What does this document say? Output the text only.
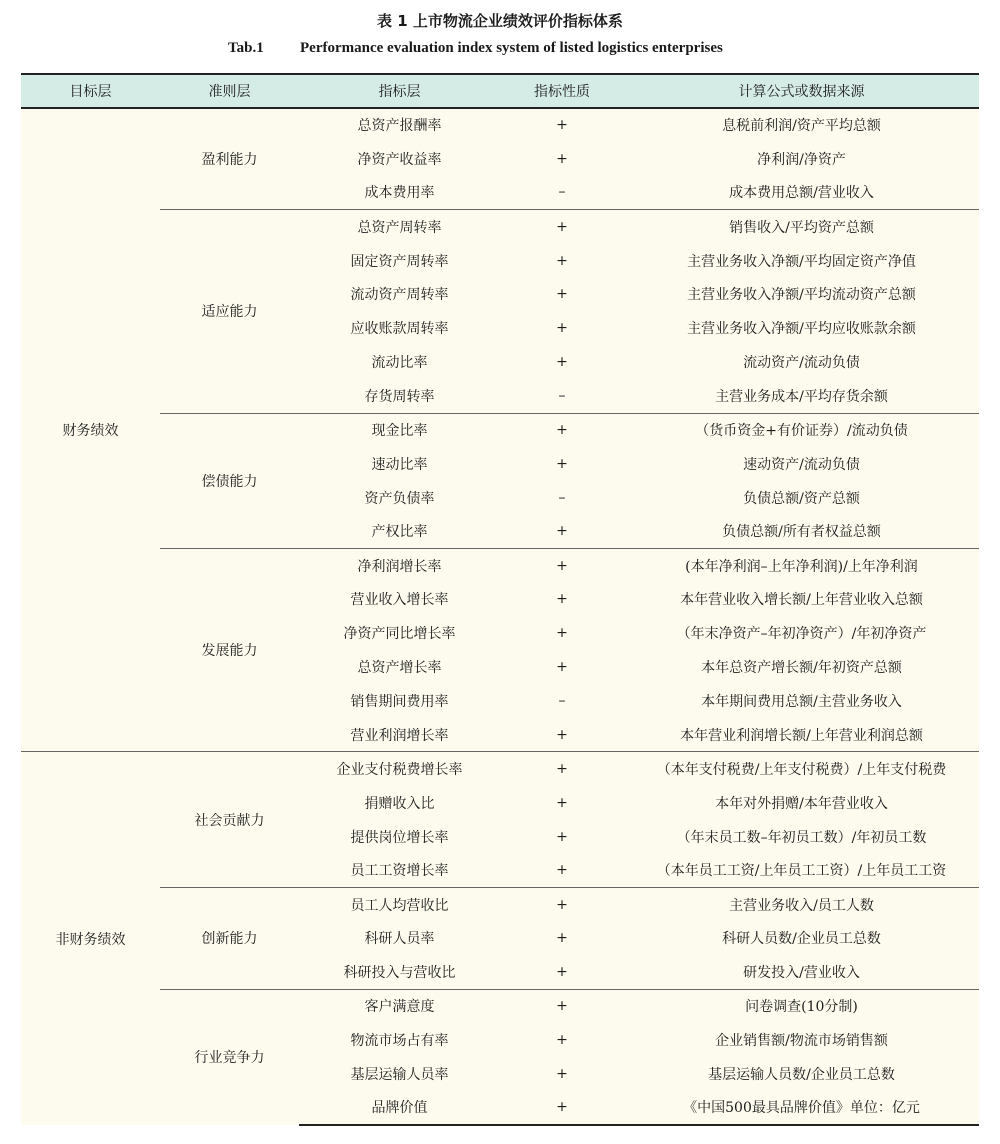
表 1 上市物流企业绩效评价指标体系
Tab.1 Performance evaluation index system of listed logistics enterprises
目标层	准则层	指标层	指标性质	计算公式或数据来源
财务绩效	盈利能力	总资产报酬率	+	息税前利润/资产平均总额
		净资产收益率	+	净利润/净资产
		成本费用率	–	成本费用总额/营业收入
	适应能力	总资产周转率	+	销售收入/平均资产总额
		固定资产周转率	+	主营业务收入净额/平均固定资产净值
		流动资产周转率	+	主营业务收入净额/平均流动资产总额
		应收账款周转率	+	主营业务收入净额/平均应收账款余额
		流动比率	+	流动资产/流动负债
		存货周转率	–	主营业务成本/平均存货余额
	偿债能力	现金比率	+	（货币资金+有价证券）/流动负债
		速动比率	+	速动资产/流动负债
		资产负债率	–	负债总额/资产总额
		产权比率	+	负债总额/所有者权益总额
	发展能力	净利润增长率	+	(本年净利润–上年净利润)/上年净利润
		营业收入增长率	+	本年营业收入增长额/上年营业收入总额
		净资产同比增长率	+	（年末净资产–年初净资产）/年初净资产
		总资产增长率	+	本年总资产增长额/年初资产总额
		销售期间费用率	–	本年期间费用总额/主营业务收入
		营业利润增长率	+	本年营业利润增长额/上年营业利润总额
非财务绩效	社会贡献力	企业支付税费增长率	+	（本年支付税费/上年支付税费）/上年支付税费
		捐赠收入比	+	本年对外捐赠/本年营业收入
		提供岗位增长率	+	（年末员工数–年初员工数）/年初员工数
		员工工资增长率	+	（本年员工工资/上年员工工资）/上年员工工资
	创新能力	员工人均营收比	+	主营业务收入/员工人数
		科研人员率	+	科研人员数/企业员工总数
		科研投入与营收比	+	研发投入/营业收入
	行业竞争力	客户满意度	+	问卷调查(10分制)
		物流市场占有率	+	企业销售额/物流市场销售额
		基层运输人员率	+	基层运输人员数/企业员工总数
		品牌价值	+	《中国500最具品牌价值》单位：亿元
